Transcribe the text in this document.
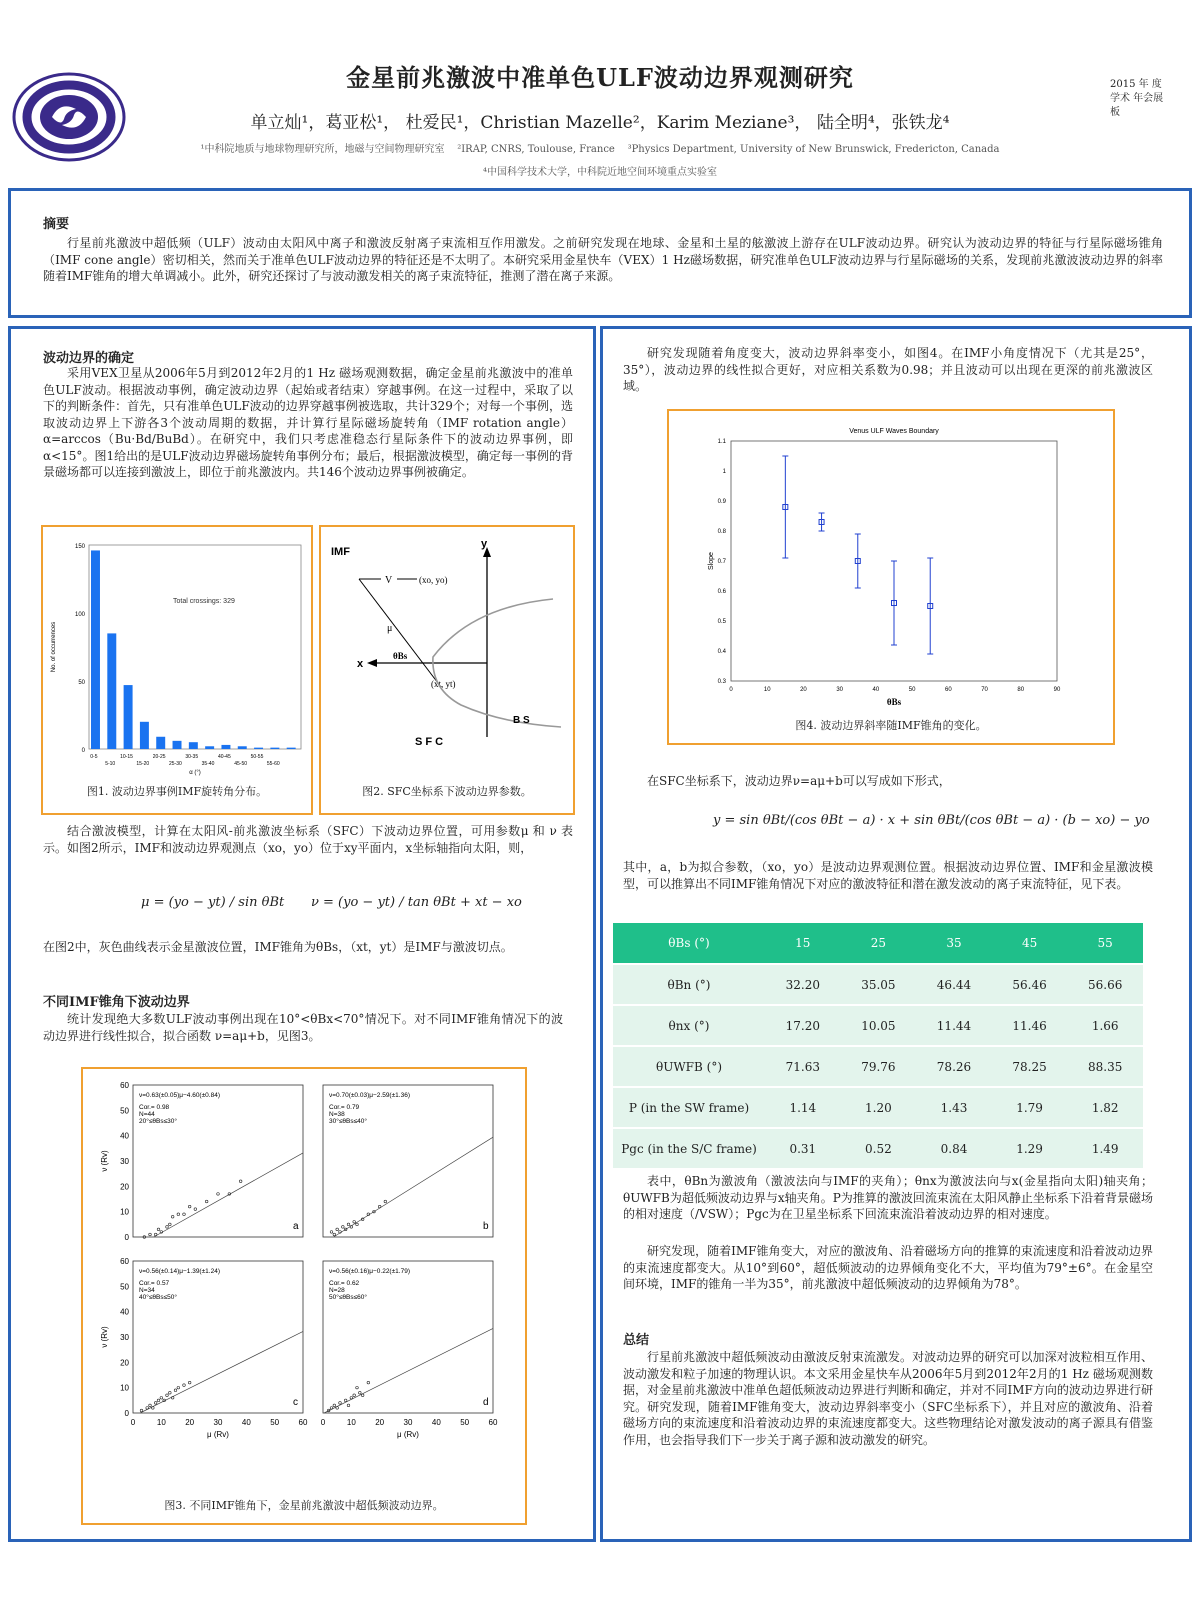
金星前兆激波中准单色ULF波动边界观测研究
单立灿¹，葛亚松¹， 杜爱民¹，Christian Mazelle²，Karim Meziane³， 陆全明⁴，张铁龙⁴
¹中科院地质与地球物理研究所，地磁与空间物理研究室 ²IRAP, CNRS, Toulouse, France ³Physics Department, University of New Brunswick, Fredericton, Canada
⁴中国科学技术大学，中科院近地空间环境重点实验室
2015 年 度学术 年会展 板
摘要
行星前兆激波中超低频（ULF）波动由太阳风中离子和激波反射离子束流相互作用激发。之前研究发现在地球、金星和土星的舷激波上游存在ULF波动边界。研究认为波动边界的特征与行星际磁场锥角（IMF cone angle）密切相关，然而关于准单色ULF波动边界的特征还是不太明了。本研究采用金星快车（VEX）1 Hz磁场数据，研究准单色ULF波动边界与行星际磁场的关系，发现前兆激波波动边界的斜率随着IMF锥角的增大单调减小。此外，研究还探讨了与波动激发相关的离子束流特征，推测了潜在离子来源。
波动边界的确定
采用VEX卫星从2006年5月到2012年2月的1 Hz 磁场观测数据，确定金星前兆激波中的准单色ULF波动。根据波动事例，确定波动边界（起始或者结束）穿越事例。在这一过程中，采取了以下的判断条件：首先，只有准单色ULF波动的边界穿越事例被选取，共计329个；对每一个事例，选取波动边界上下游各3个波动周期的数据，并计算行星际磁场旋转角（IMF rotation angle）α=arccos（Bu·Bd/BuBd）。在研究中，我们只考虑准稳态行星际条件下的波动边界事例，即α<15°。图1给出的是ULF波动边界磁场旋转角事例分布；最后，根据激波模型，确定每一事例的背景磁场都可以连接到激波上，即位于前兆激波内。共146个波动边界事例被确定。
0
50
100
150
0-5	10-15	20-25	30-35	40-45	50-55
5-10	15-20	25-30	35-40	45-50	55-60
α (°)
No. of occurrences
Total crossings: 329
图1. 波动边界事例IMF旋转角分布。
IMF
y
x
V	(xo, yo)
μ
θBs
(xt, yt)
B S
S F C
图2. SFC坐标系下波动边界参数。
结合激波模型，计算在太阳风-前兆激波坐标系（SFC）下波动边界位置，可用参数μ 和 ν 表示。如图2所示，IMF和波动边界观测点（xo，yo）位于xy平面内，x坐标轴指向太阳，则，
μ = (yo − yt) / sin θBt ν = (yo − yt) / tan θBt + xt − xo
在图2中，灰色曲线表示金星激波位置，IMF锥角为θBs，（xt，yt）是IMF与激波切点。
不同IMF锥角下波动边界
统计发现绝大多数ULF波动事例出现在10°<θBx<70°情况下。对不同IMF锥角情况下的波动边界进行线性拟合，拟合函数 ν=aμ+b，见图3。
0
10
20
30
40
50
60
ν (Rv)
ν=0.63(±0.05)μ−4.60(±0.84)
Cor.= 0.98
N=44
20°≤θBs≤30°
a
ν=0.70(±0.03)μ−2.59(±1.36)
Cor.= 0.79
N=38
30°≤θBs≤40°
b
0
10
20
30
40
50
60
ν (Rv)
0	10 20 30 40 50 60
μ (Rv)
ν=0.56(±0.14)μ−1.39(±1.24)
Cor.= 0.57
N=34
40°≤θBs≤50°
c
0	10 20 30 40 50 60
μ (Rv)
ν=0.56(±0.16)μ−0.22(±1.79)
Cor.= 0.62
N=28
50°≤θBs≤60°
d
图3. 不同IMF锥角下，金星前兆激波中超低频波动边界。
研究发现随着角度变大，波动边界斜率变小，如图4。在IMF小角度情况下（尤其是25°，35°），波动边界的线性拟合更好，对应相关系数为0.98；并且波动可以出现在更深的前兆激波区域。
Venus ULF Waves Boundary
0	10	20	30	40	50	60	70	80	90
0.3
0.4
0.5
0.6
0.7
0.8
0.9
1
1.1
θBs
Slope
图4. 波动边界斜率随IMF锥角的变化。
在SFC坐标系下，波动边界ν=aμ+b可以写成如下形式，
y = sin θBt/(cos θBt − a) · x + sin θBt/(cos θBt − a) · (b − xo) − yo
其中，a，b为拟合参数，（xo，yo）是波动边界观测位置。根据波动边界位置、IMF和金星激波模型，可以推算出不同IMF锥角情况下对应的激波特征和潜在激发波动的离子束流特征，见下表。
θBs (°)	15	25	35	45	55
θBn (°)	32.20	35.05	46.44	56.46	56.66
θnx (°)	17.20	10.05	11.44	11.46	1.66
θUWFB (°)	71.63	79.76	78.26	78.25	88.35
P (in the SW frame)	1.14	1.20	1.43	1.79	1.82
Pgc (in the S/C frame)	0.31	0.52	0.84	1.29	1.49
表中，θBn为激波角（激波法向与IMF的夹角）；θnx为激波法向与x(金星指向太阳)轴夹角；θUWFB为超低频波动边界与x轴夹角。P为推算的激波回流束流在太阳风静止坐标系下沿着背景磁场的相对速度（/VSW）；Pgc为在卫星坐标系下回流束流沿着波动边界的相对速度。
研究发现，随着IMF锥角变大，对应的激波角、沿着磁场方向的推算的束流速度和沿着波动边界的束流速度都变大。从10°到60°，超低频波动的边界倾角变化不大，平均值为79°±6°。在金星空间环境，IMF的锥角一半为35°，前兆激波中超低频波动的边界倾角为78°。
总结
行星前兆激波中超低频波动由激波反射束流激发。对波动边界的研究可以加深对波粒相互作用、波动激发和粒子加速的物理认识。本文采用金星快车从2006年5月到2012年2月的1 Hz 磁场观测数据，对金星前兆激波中准单色超低频波动边界进行判断和确定，并对不同IMF方向的波动边界进行研究。研究发现，随着IMF锥角变大，波动边界斜率变小（SFC坐标系下），并且对应的激波角、沿着磁场方向的束流速度和沿着波动边界的束流速度都变大。这些物理结论对激发波动的离子源具有借鉴作用，也会指导我们下一步关于离子源和波动激发的研究。
